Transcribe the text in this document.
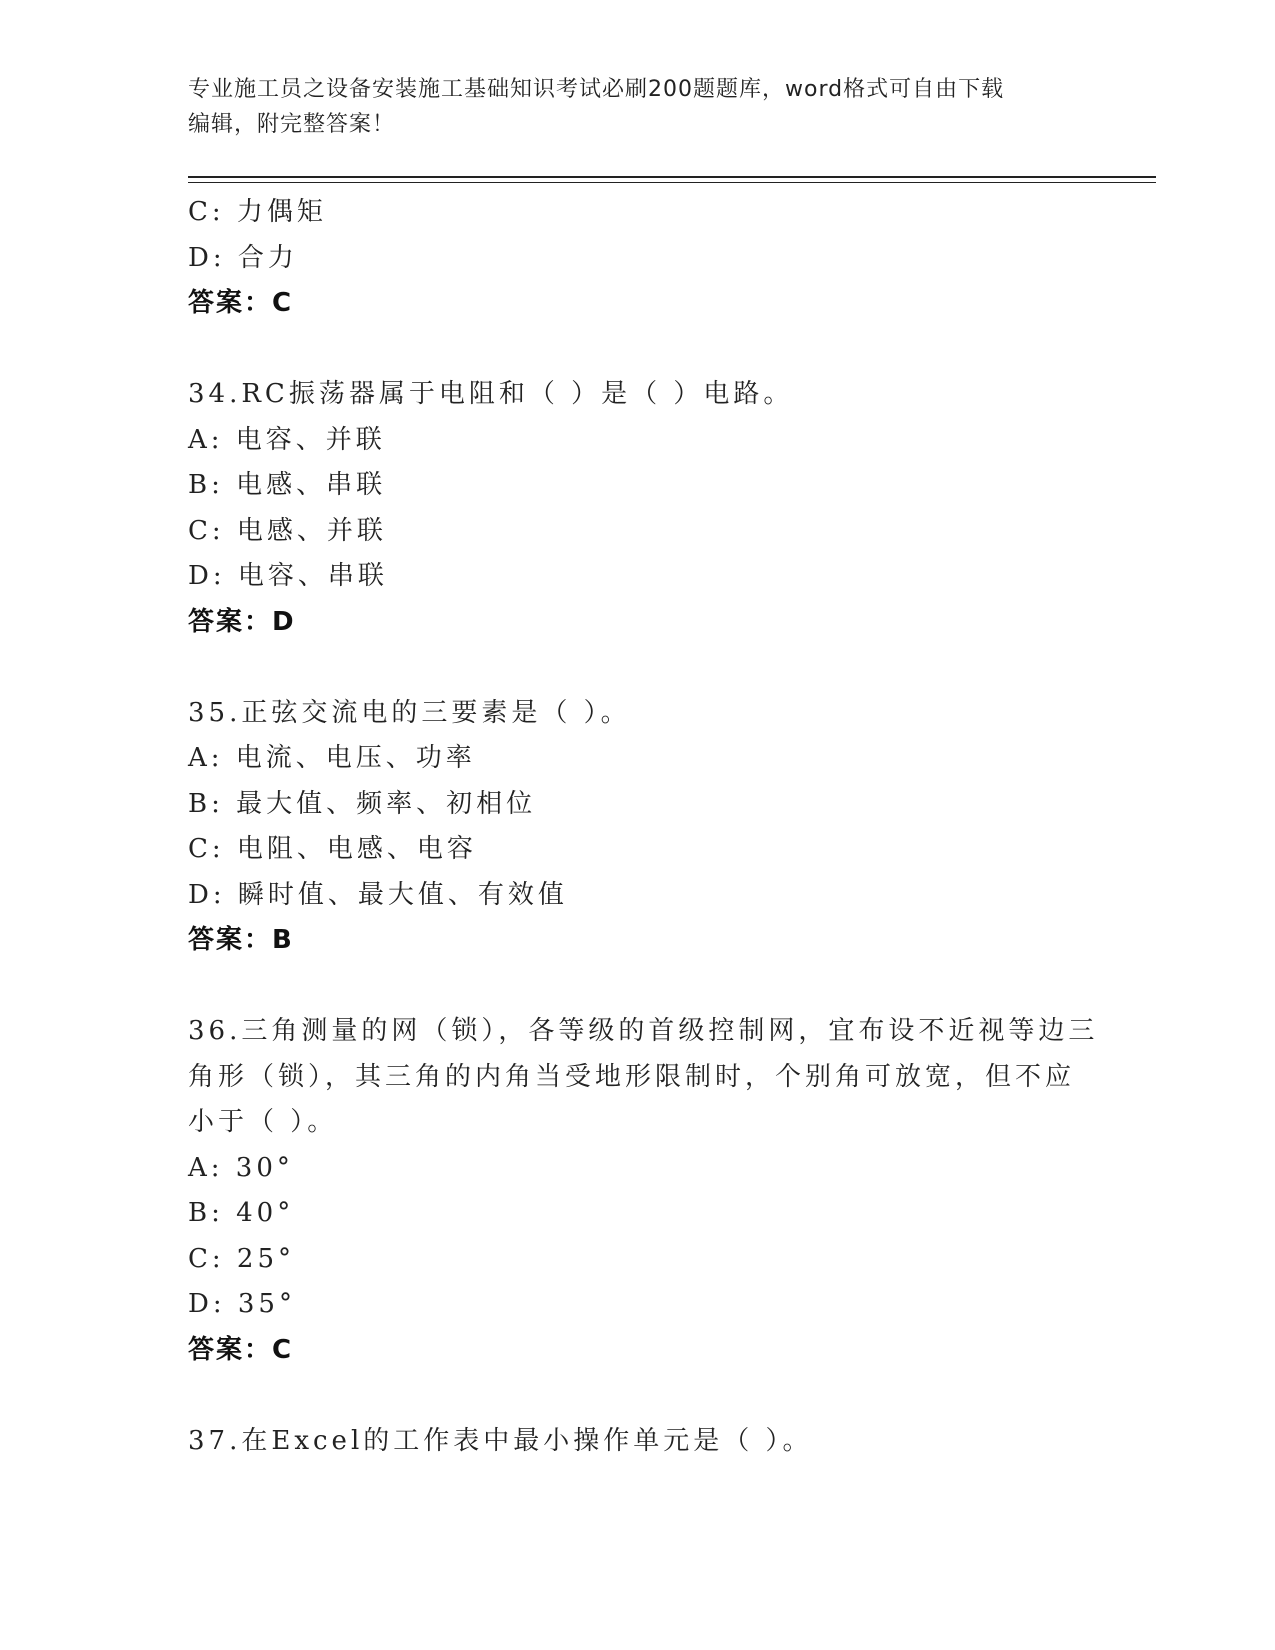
专业施工员之设备安装施工基础知识考试必刷200题题库，word格式可自由下载
编辑，附完整答案！
C: 力偶矩
D: 合力
答案：C
34.RC振荡器属于电阻和（ ）是（ ）电路。
A: 电容、并联
B: 电感、串联
C: 电感、并联
D: 电容、串联
答案：D
35.正弦交流电的三要素是（ ）。
A: 电流、电压、功率
B: 最大值、频率、初相位
C: 电阻、电感、电容
D: 瞬时值、最大值、有效值
答案：B
36.三角测量的网（锁），各等级的首级控制网，宜布设不近视等边三
角形（锁），其三角的内角当受地形限制时，个别角可放宽，但不应
小于（ ）。
A: 30°
B: 40°
C: 25°
D: 35°
答案：C
37.在Excel的工作表中最小操作单元是（ ）。
